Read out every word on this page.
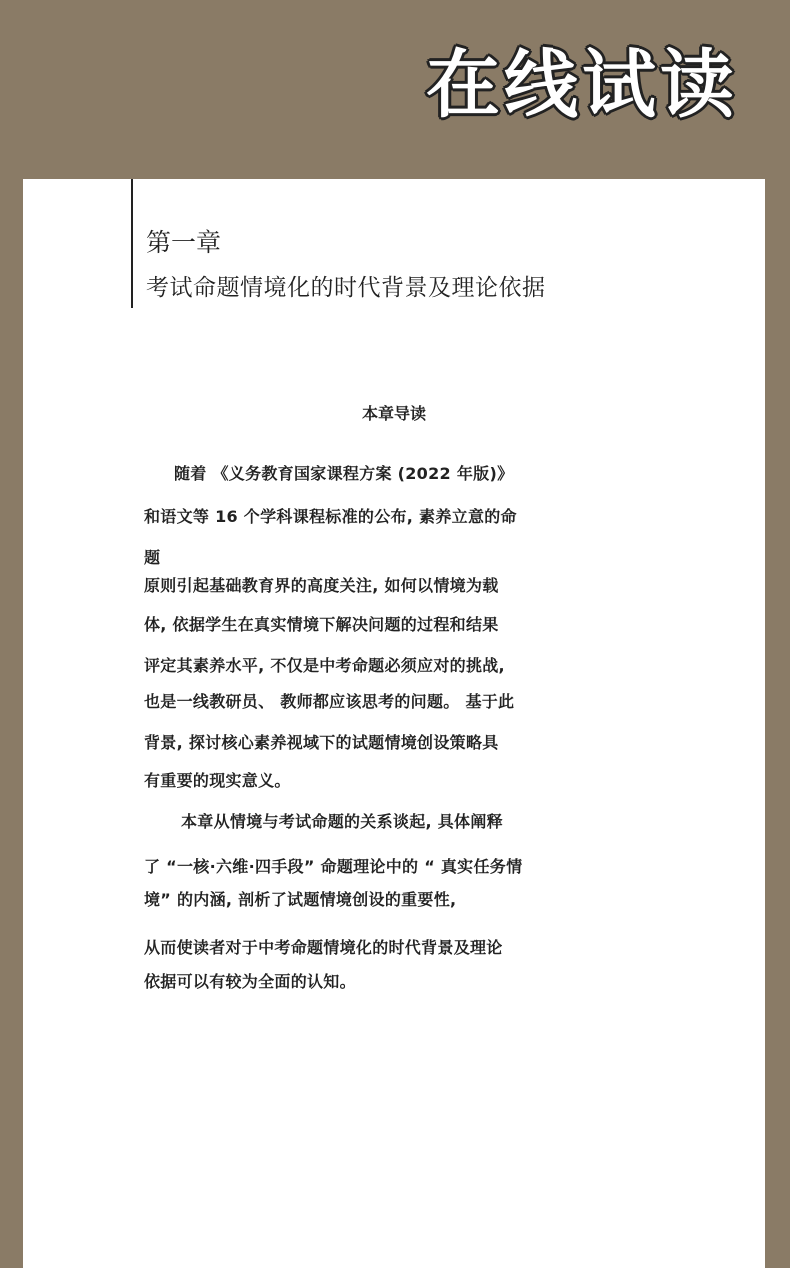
在线试读
第一章
考试命题情境化的时代背景及理论依据
本章导读
随着 《义务教育国家课程方案 (2022 年版)》
和语文等 16 个学科课程标准的公布, 素养立意的命
题
原则引起基础教育界的高度关注, 如何以情境为载
体, 依据学生在真实情境下解决问题的过程和结果
评定其素养水平, 不仅是中考命题必须应对的挑战,
也是一线教研员、 教师都应该思考的问题。 基于此
背景, 探讨核心素养视域下的试题情境创设策略具
有重要的现实意义。
本章从情境与考试命题的关系谈起, 具体阐释
了 “一核·六维·四手段” 命题理论中的 “ 真实任务情
境” 的内涵, 剖析了试题情境创设的重要性,
从而使读者对于中考命题情境化的时代背景及理论
依据可以有较为全面的认知。
